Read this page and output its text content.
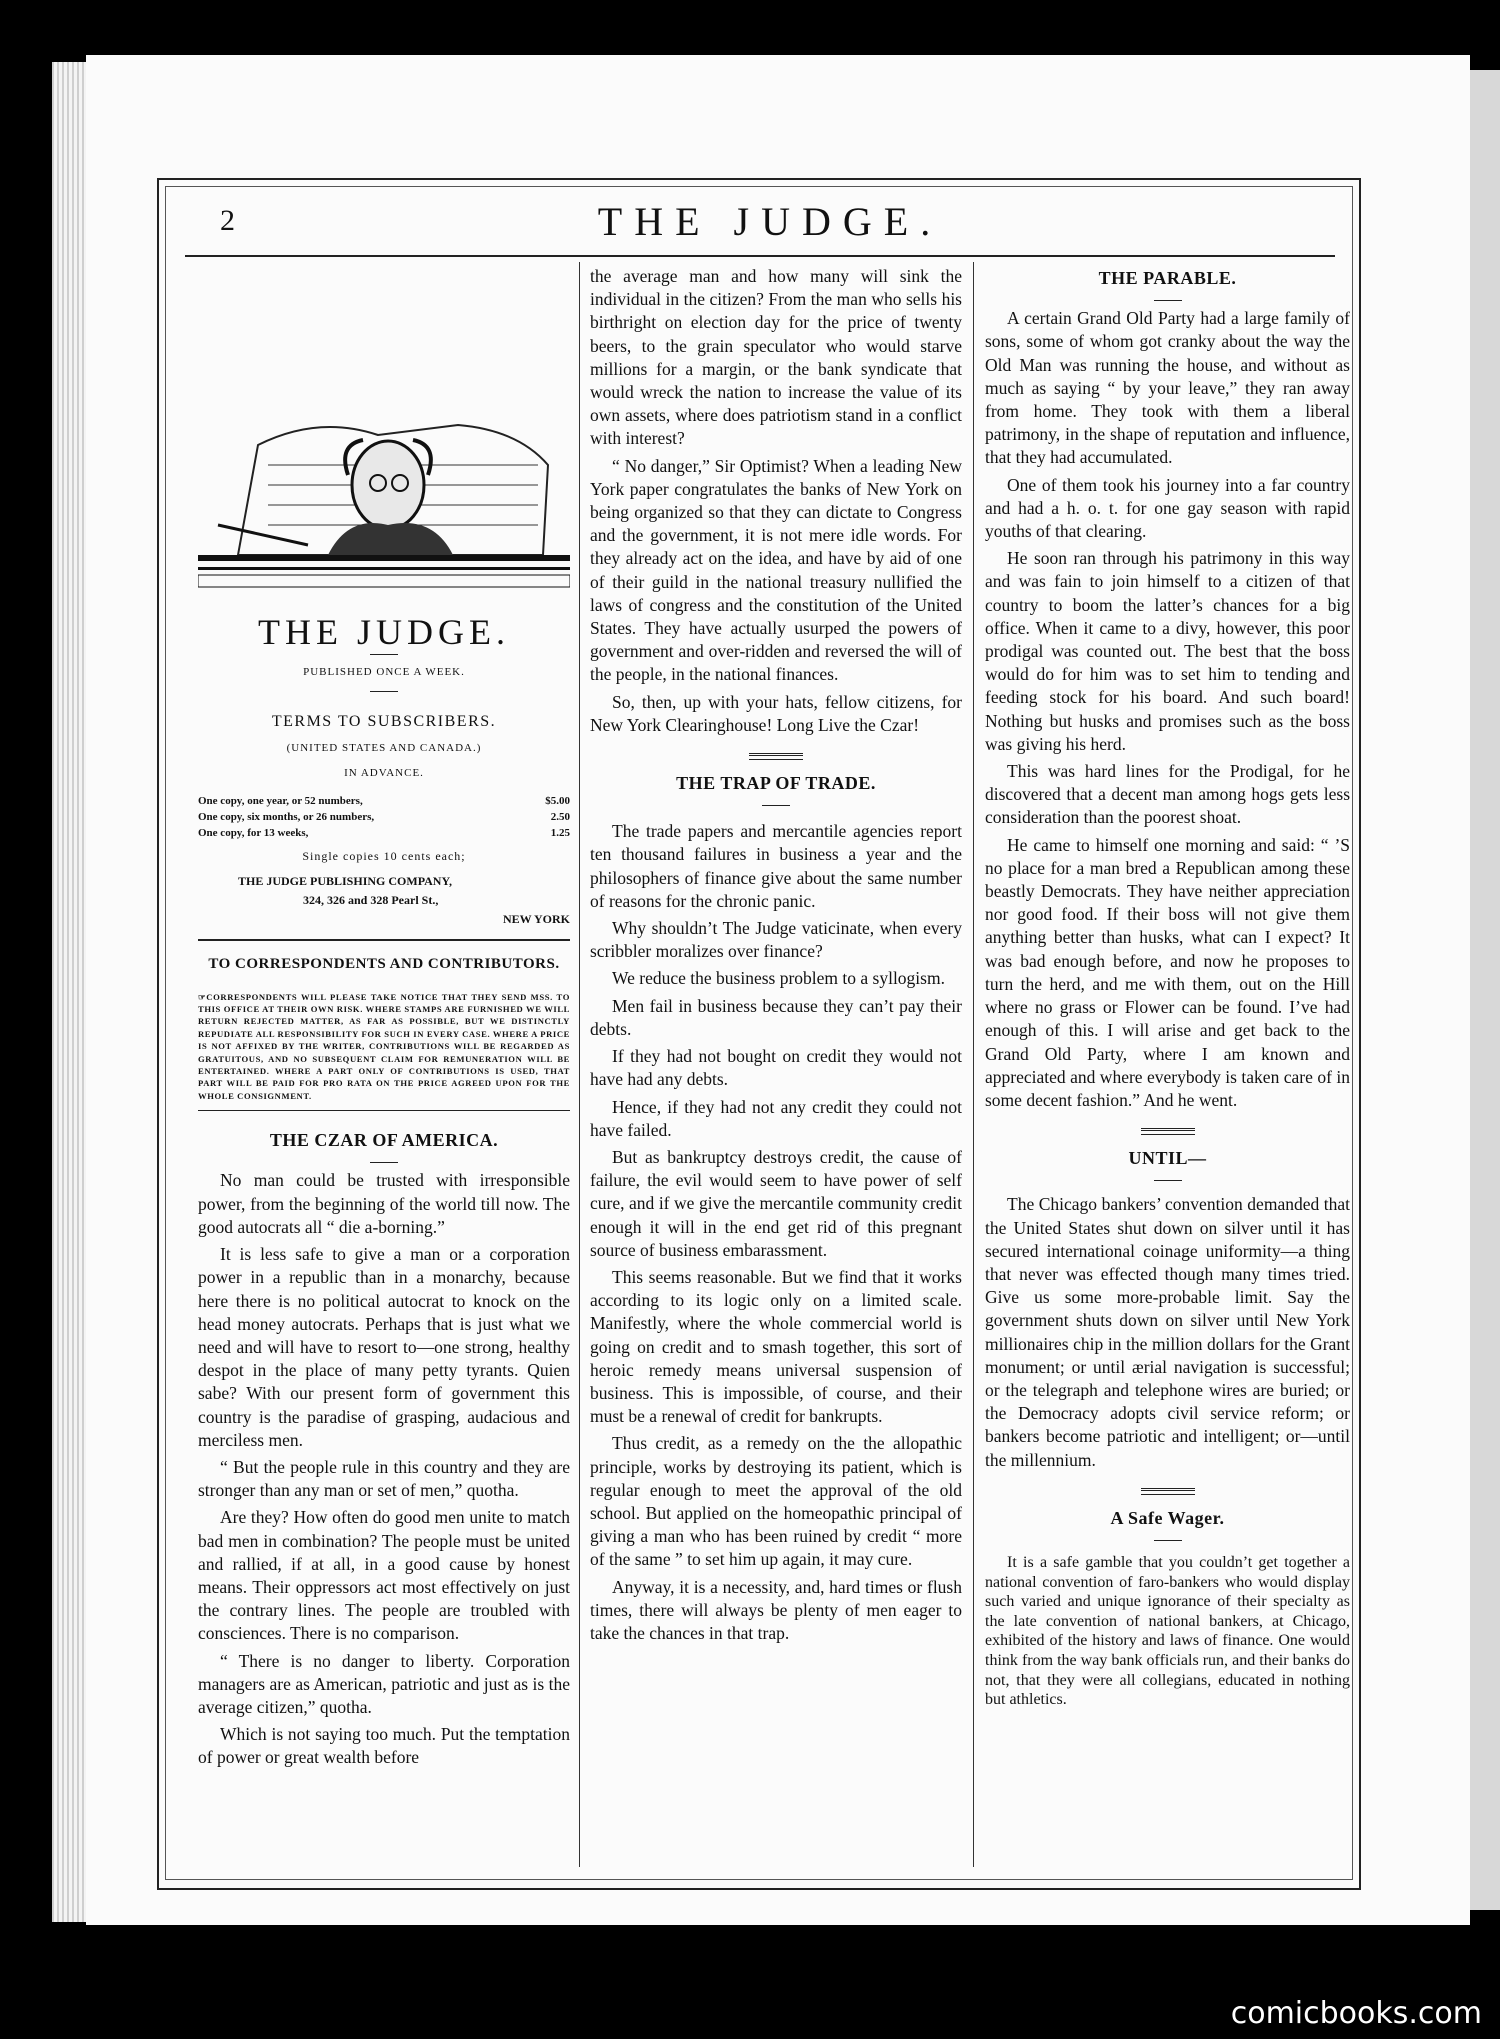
2	THE JUDGE.
THE JUDGE.
PUBLISHED ONCE A WEEK.
TERMS TO SUBSCRIBERS.
(UNITED STATES AND CANADA.)
IN ADVANCE.
One copy, one year, or 52 numbers,	$5.00
One copy, six months, or 26 numbers,	2.50
One copy, for 13 weeks,	1.25
Single copies 10 cents each;
THE JUDGE PUBLISHING COMPANY,
324, 326 and 328 Pearl St.,
NEW YORK
TO CORRESPONDENTS AND CONTRIBUTORS.
☞CORRESPONDENTS WILL PLEASE TAKE NOTICE THAT THEY SEND MSS. TO THIS OFFICE AT THEIR OWN RISK. WHERE STAMPS ARE FURNISHED WE WILL RETURN REJECTED MATTER, AS FAR AS POSSIBLE, BUT WE DISTINCTLY REPUDIATE ALL RESPONSIBILITY FOR SUCH IN EVERY CASE. WHERE A PRICE IS NOT AFFIXED BY THE WRITER, CONTRIBUTIONS WILL BE REGARDED AS GRATUITOUS, AND NO SUBSEQUENT CLAIM FOR REMUNERATION WILL BE ENTERTAINED. WHERE A PART ONLY OF CONTRIBUTIONS IS USED, THAT PART WILL BE PAID FOR PRO RATA ON THE PRICE AGREED UPON FOR THE WHOLE CONSIGNMENT.
THE CZAR OF AMERICA.

No man could be trusted with irresponsible power, from the beginning of the world till now. The good autocrats all “ die a-borning.”

It is less safe to give a man or a corporation power in a republic than in a monarchy, because here there is no political autocrat to knock on the head money autocrats. Perhaps that is just what we need and will have to resort to—one strong, healthy despot in the place of many petty tyrants. Quien sabe? With our present form of government this country is the paradise of grasping, audacious and merciless men.

“ But the people rule in this country and they are stronger than any man or set of men,” quotha.

Are they? How often do good men unite to match bad men in combination? The people must be united and rallied, if at all, in a good cause by honest means. Their oppressors act most effectively on just the contrary lines. The people are troubled with consciences. There is no comparison.

“ There is no danger to liberty. Corporation managers are as American, patriotic and just as is the average citizen,” quotha.

Which is not saying too much. Put the temptation of power or great wealth before

the average man and how many will sink the individual in the citizen? From the man who sells his birthright on election day for the price of twenty beers, to the grain speculator who would starve millions for a margin, or the bank syndicate that would wreck the nation to increase the value of its own assets, where does patriotism stand in a conflict with interest?

“ No danger,” Sir Optimist? When a leading New York paper congratulates the banks of New York on being organized so that they can dictate to Congress and the government, it is not mere idle words. For they already act on the idea, and have by aid of one of their guild in the national treasury nullified the laws of congress and the constitution of the United States. They have actually usurped the powers of government and over-ridden and reversed the will of the people, in the national finances.

So, then, up with your hats, fellow citizens, for New York Clearinghouse! Long Live the Czar!

THE TRAP OF TRADE.

The trade papers and mercantile agencies report ten thousand failures in business a year and the philosophers of finance give about the same number of reasons for the chronic panic.

Why shouldn’t The Judge vaticinate, when every scribbler moralizes over finance?

We reduce the business problem to a syllogism.

Men fail in business because they can’t pay their debts.

If they had not bought on credit they would not have had any debts.

Hence, if they had not any credit they could not have failed.

But as bankruptcy destroys credit, the cause of failure, the evil would seem to have power of self cure, and if we give the mercantile community credit enough it will in the end get rid of this pregnant source of business embarassment.

This seems reasonable. But we find that it works according to its logic only on a limited scale. Manifestly, where the whole commercial world is going on credit and to smash together, this sort of heroic remedy means universal suspension of business. This is impossible, of course, and their must be a renewal of credit for bankrupts.

Thus credit, as a remedy on the the allopathic principle, works by destroying its patient, which is regular enough to meet the approval of the old school. But applied on the homeopathic principal of giving a man who has been ruined by credit “ more of the same ” to set him up again, it may cure.

Anyway, it is a necessity, and, hard times or flush times, there will always be plenty of men eager to take the chances in that trap.

THE PARABLE.

A certain Grand Old Party had a large family of sons, some of whom got cranky about the way the Old Man was running the house, and without as much as saying “ by your leave,” they ran away from home. They took with them a liberal patrimony, in the shape of reputation and influence, that they had accumulated.

One of them took his journey into a far country and had a h. o. t. for one gay season with rapid youths of that clearing.

He soon ran through his patrimony in this way and was fain to join himself to a citizen of that country to boom the latter’s chances for a big office. When it came to a divy, however, this poor prodigal was counted out. The best that the boss would do for him was to set him to tending and feeding stock for his board. And such board! Nothing but husks and promises such as the boss was giving his herd.

This was hard lines for the Prodigal, for he discovered that a decent man among hogs gets less consideration than the poorest shoat.

He came to himself one morning and said: “ ’S no place for a man bred a Republican among these beastly Democrats. They have neither appreciation nor good food. If their boss will not give them anything better than husks, what can I expect? It was bad enough before, and now he proposes to turn the herd, and me with them, out on the Hill where no grass or Flower can be found. I’ve had enough of this. I will arise and get back to the Grand Old Party, where I am known and appreciated and where everybody is taken care of in some decent fashion.” And he went.

UNTIL—

The Chicago bankers’ convention demanded that the United States shut down on silver until it has secured international coinage uniformity—a thing that never was effected though many times tried. Give us some more-probable limit. Say the government shuts down on silver until New York millionaires chip in the million dollars for the Grant monument; or until ærial navigation is successful; or the telegraph and telephone wires are buried; or the Democracy adopts civil service reform; or bankers become patriotic and intelligent; or—until the millennium.

A Safe Wager.

It is a safe gamble that you couldn’t get together a national convention of faro-bankers who would display such varied and unique ignorance of their specialty as the late convention of national bankers, at Chicago, exhibited of the history and laws of finance. One would think from the way bank officials run, and their banks do not, that they were all collegians, educated in nothing but athletics.

comicbooks.com
